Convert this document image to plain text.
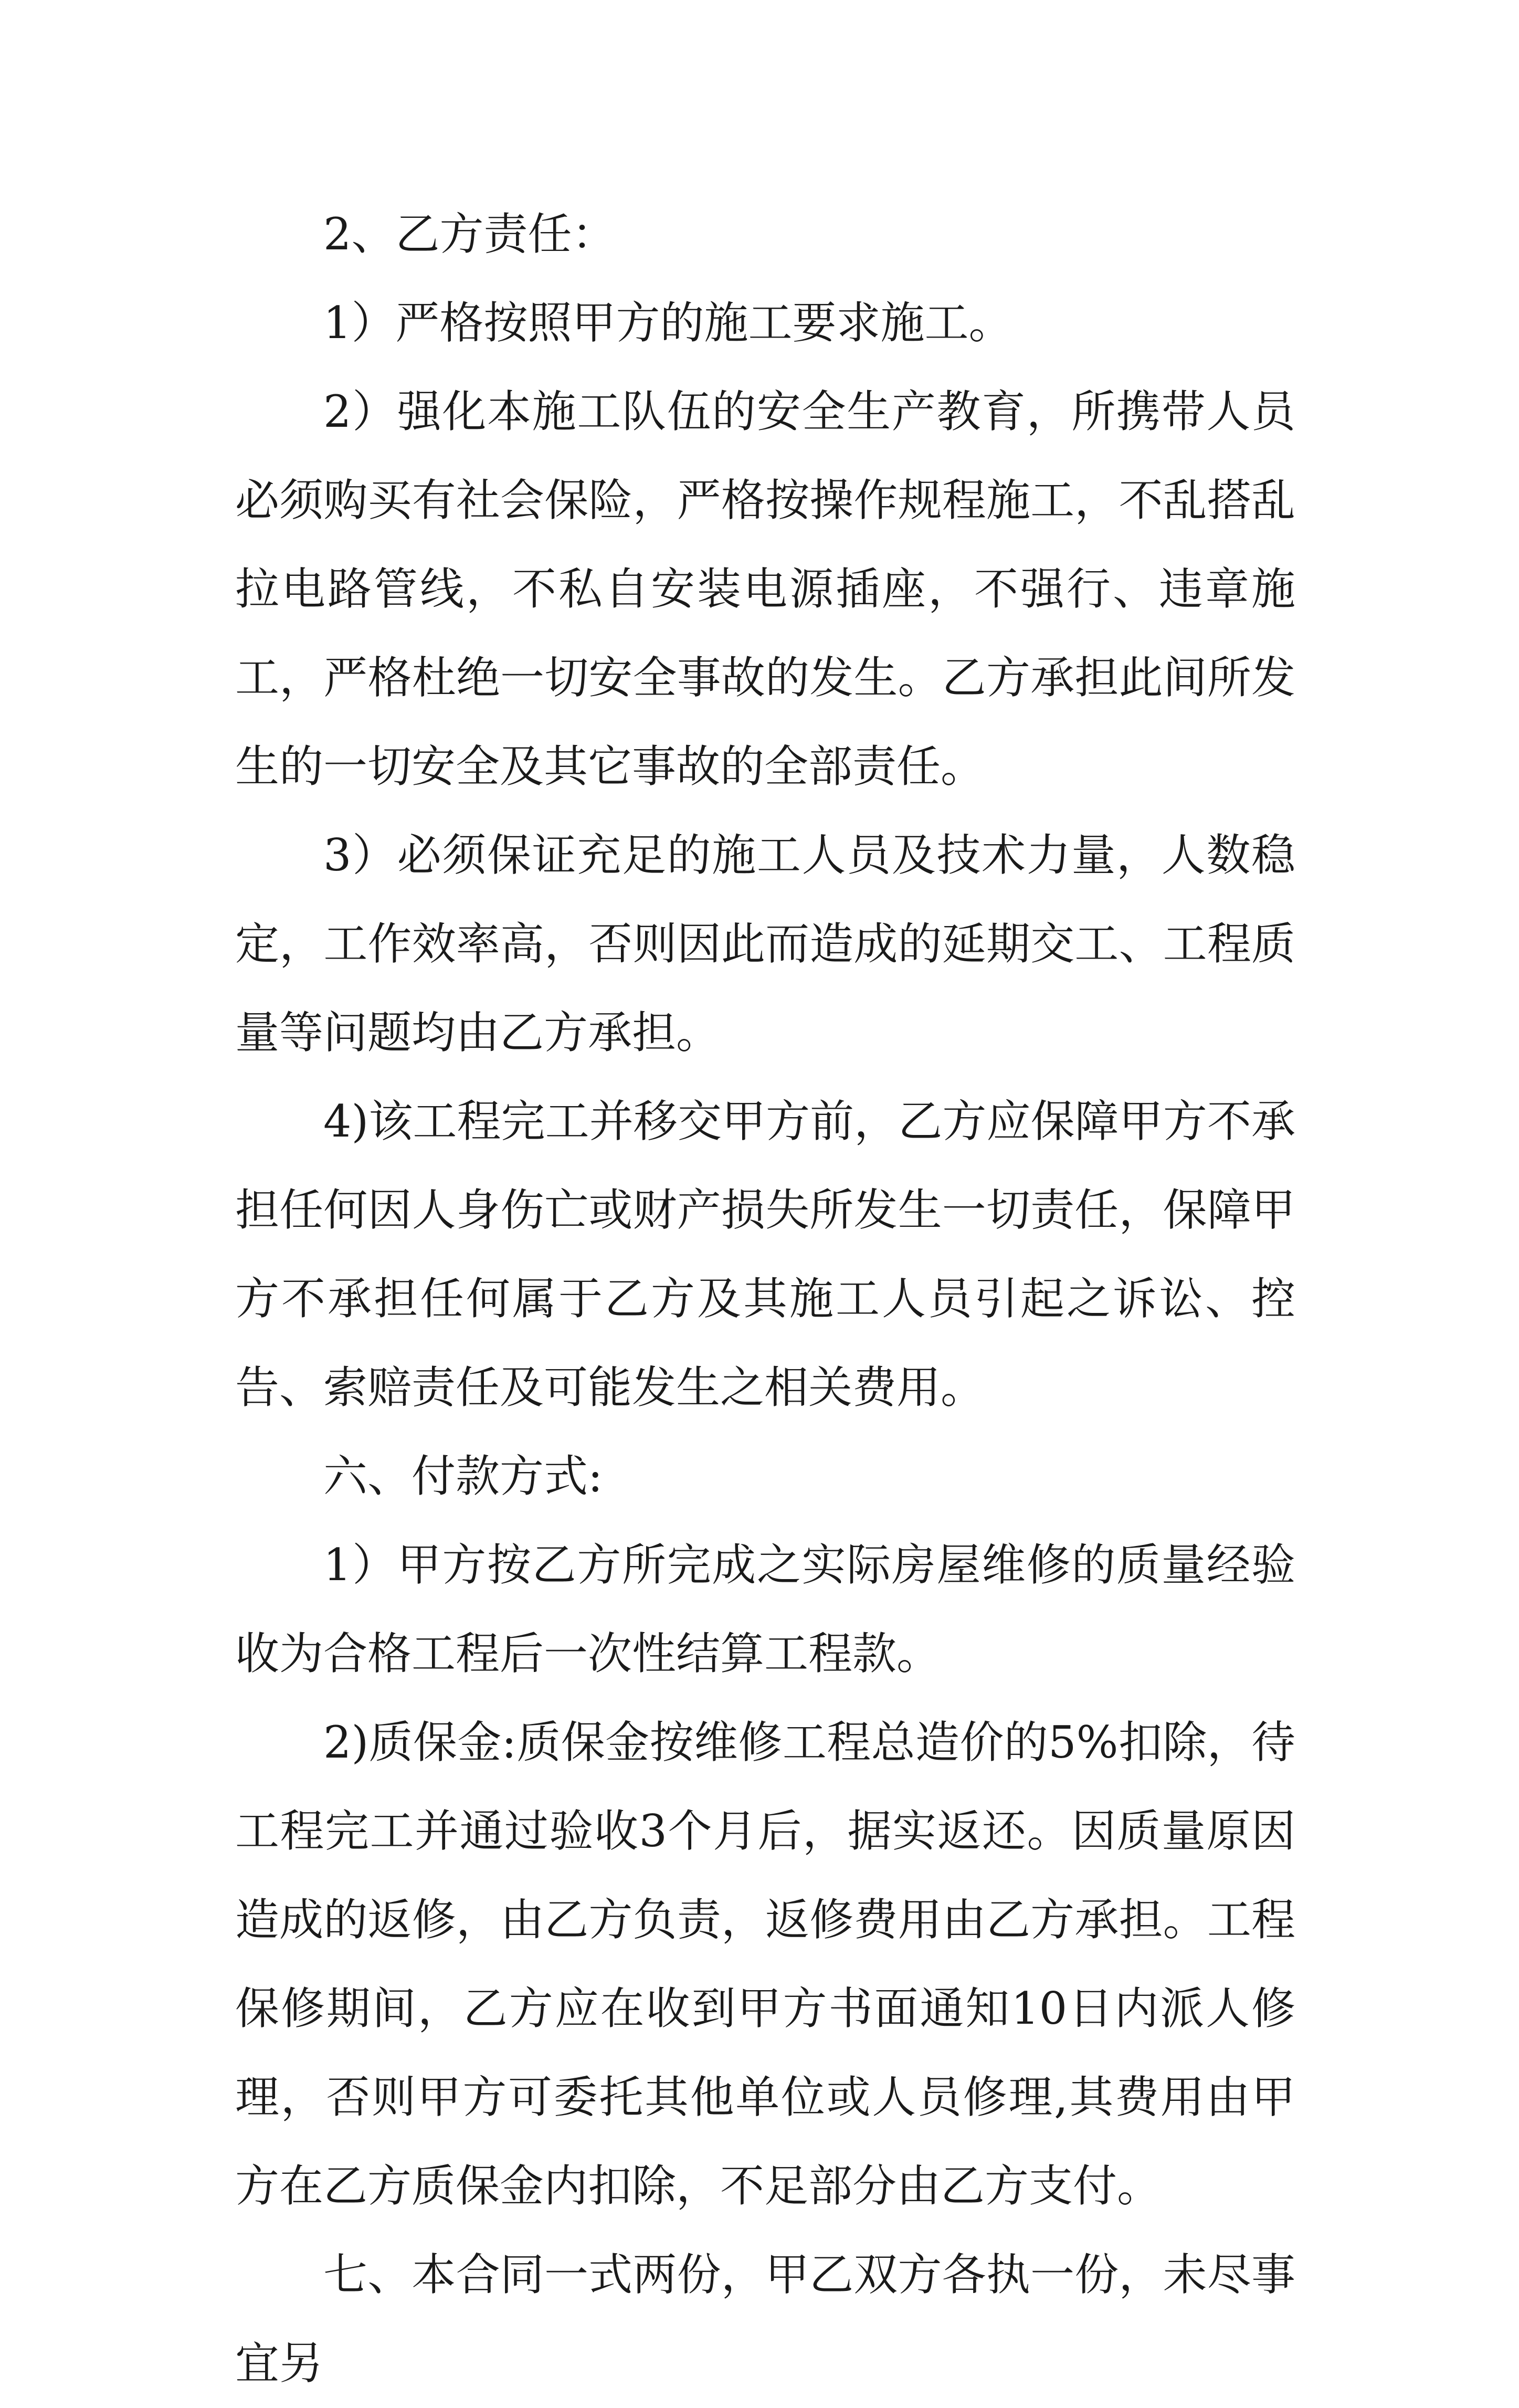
2、乙方责任：

1）严格按照甲方的施工要求施工。

2）强化本施工队伍的安全生产教育，所携带人员必须购买有社会保险，严格按操作规程施工，不乱搭乱拉电路管线，不私自安装电源插座，不强行、违章施工，严格杜绝一切安全事故的发生。乙方承担此间所发生的一切安全及其它事故的全部责任。

3）必须保证充足的施工人员及技术力量，人数稳定，工作效率高，否则因此而造成的延期交工、工程质量等问题均由乙方承担。

4)该工程完工并移交甲方前，乙方应保障甲方不承担任何因人身伤亡或财产损失所发生一切责任，保障甲方不承担任何属于乙方及其施工人员引起之诉讼、控告、索赔责任及可能发生之相关费用。

六、付款方式:

1）甲方按乙方所完成之实际房屋维修的质量经验收为合格工程后一次性结算工程款。

2)质保金:质保金按维修工程总造价的5%扣除，待工程完工并通过验收3个月后，据实返还。因质量原因造成的返修，由乙方负责，返修费用由乙方承担。工程保修期间，乙方应在收到甲方书面通知10日内派人修理，否则甲方可委托其他单位或人员修理,其费用由甲方在乙方质保金内扣除，不足部分由乙方支付。

七、本合同一式两份，甲乙双方各执一份，未尽事宜另
